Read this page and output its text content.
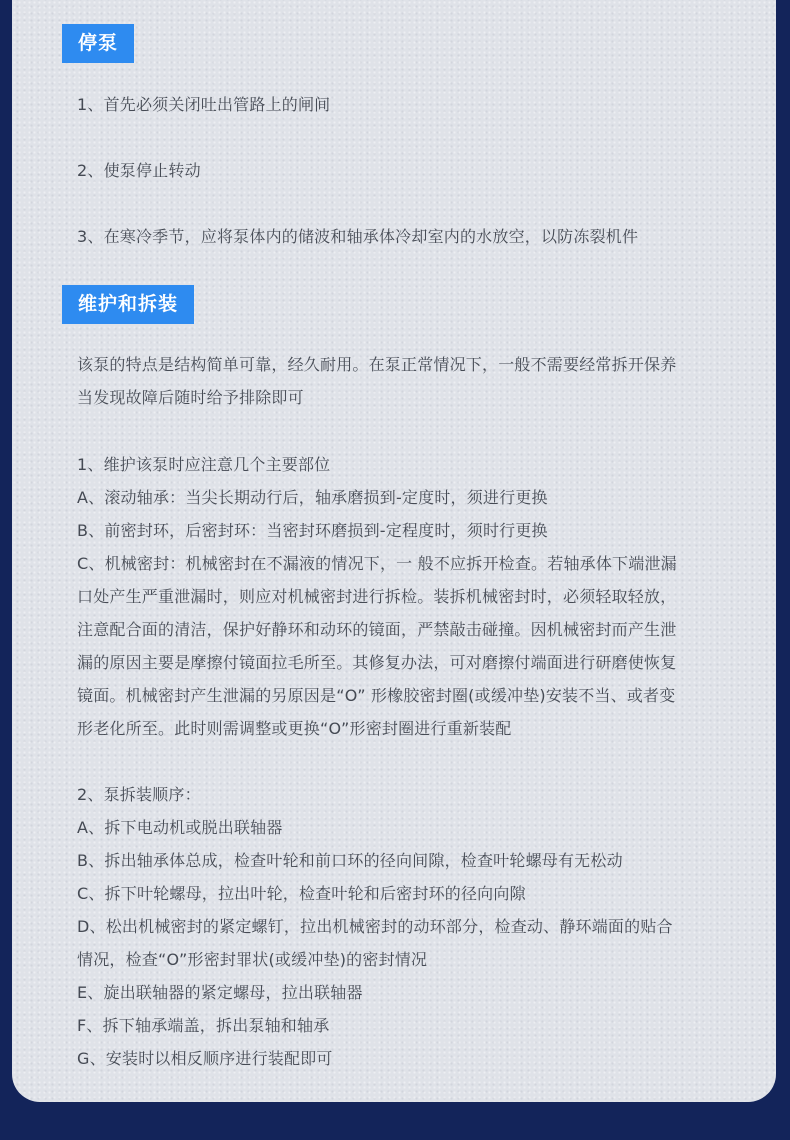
停泵
1、首先必须关闭吐出管路上的闸间
2、使泵停止转动
3、在寒冷季节，应将泵体内的储波和轴承体冷却室内的水放空，以防冻裂机件
维护和拆装
该泵的特点是结构简单可靠，经久耐用。在泵正常情况下，一般不需要经常拆开保养
当发现故障后随时给予排除即可
1、维护该泵时应注意几个主要部位
A、滚动轴承：当尖长期动行后，轴承磨损到-定度时，须进行更换
B、前密封环，后密封环：当密封环磨损到-定程度时，须时行更换
C、机械密封：机械密封在不漏液的情况下，一 般不应拆开检查。若轴承体下端泄漏
口处产生严重泄漏时，则应对机械密封进行拆检。装拆机械密封时，必须轻取轻放，
注意配合面的清洁，保护好静环和动环的镜面，严禁敲击碰撞。因机械密封而产生泄
漏的原因主要是摩擦付镜面拉毛所至。其修复办法，可对磨擦付端面进行研磨使恢复
镜面。机械密封产生泄漏的另原因是“O” 形橡胶密封圈(或缓冲垫)安装不当、或者变
形老化所至。此时则需调整或更换“O”形密封圈进行重新装配
2、泵拆装顺序：
A、拆下电动机或脱出联轴器
B、拆出轴承体总成，检查叶轮和前口环的径向间隙，检查叶轮螺母有无松动
C、拆下叶轮螺母，拉出叶轮，检查叶轮和后密封环的径向向隙
D、松出机械密封的紧定螺钉，拉出机械密封的动环部分，检查动、静环端面的贴合
情况，检查“O”形密封罪状(或缓冲垫)的密封情况
E、旋出联轴器的紧定螺母，拉出联轴器
F、拆下轴承端盖，拆出泵轴和轴承
G、安装时以相反顺序进行装配即可
